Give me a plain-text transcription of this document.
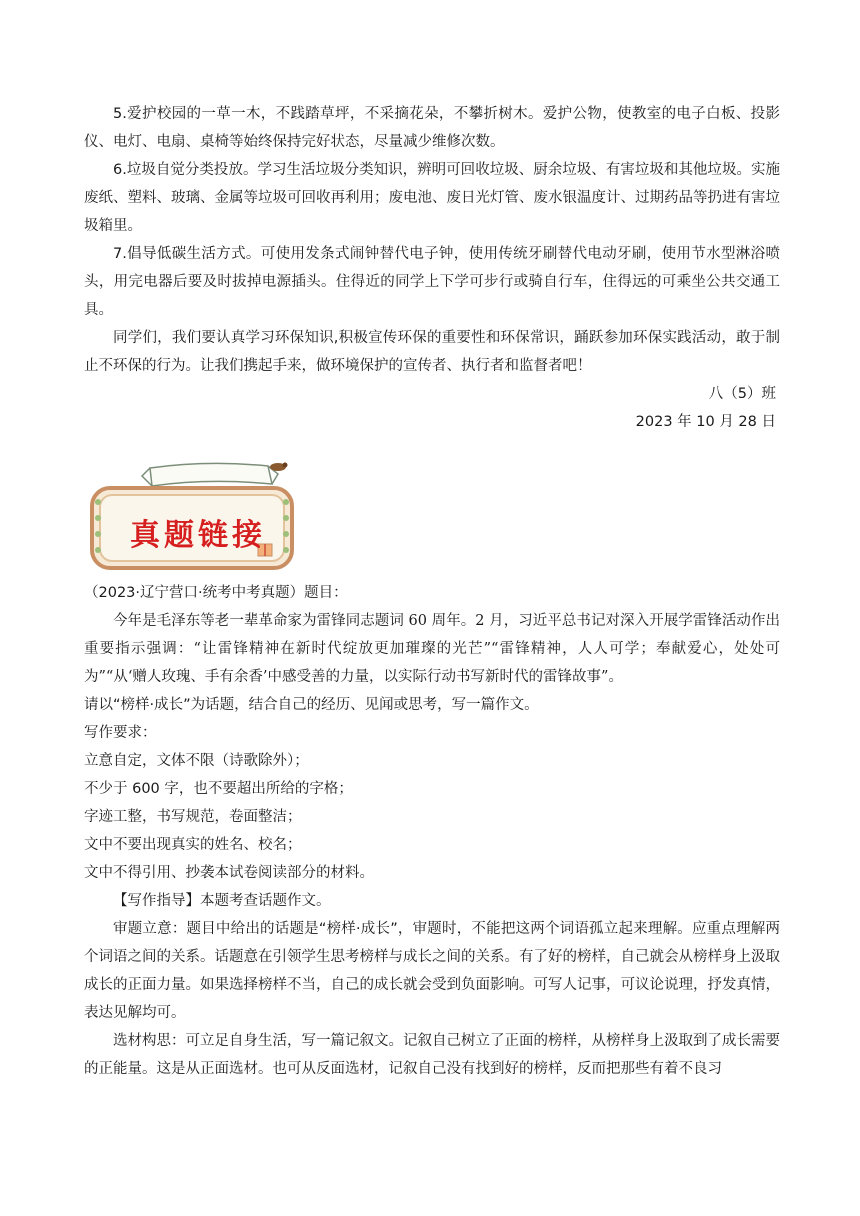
5.爱护校园的一草一木，不践踏草坪，不采摘花朵，不攀折树木。爱护公物，使教室的电子白板、投影仪、电灯、电扇、桌椅等始终保持完好状态，尽量减少维修次数。

6.垃圾自觉分类投放。学习生活垃圾分类知识，辨明可回收垃圾、厨余垃圾、有害垃圾和其他垃圾。实施废纸、塑料、玻璃、金属等垃圾可回收再利用；废电池、废日光灯管、废水银温度计、过期药品等扔进有害垃圾箱里。

7.倡导低碳生活方式。可使用发条式闹钟替代电子钟，使用传统牙刷替代电动牙刷，使用节水型淋浴喷头，用完电器后要及时拔掉电源插头。住得近的同学上下学可步行或骑自行车，住得远的可乘坐公共交通工具。

同学们，我们要认真学习环保知识,积极宣传环保的重要性和环保常识，踊跃参加环保实践活动，敢于制止不环保的行为。让我们携起手来，做环境保护的宣传者、执行者和监督者吧！

八（5）班
2023 年 10 月 28 日
真题链接

（2023·辽宁营口·统考中考真题）题目：

今年是毛泽东等老一辈革命家为雷锋同志题词 60 周年。2 月，习近平总书记对深入开展学雷锋活动作出重要指示强调：“让雷锋精神在新时代绽放更加璀璨的光芒”“雷锋精神，人人可学；奉献爱心，处处可为”“从‘赠人玫瑰、手有余香’中感受善的力量，以实际行动书写新时代的雷锋故事”。

请以“榜样·成长”为话题，结合自己的经历、见闻或思考，写一篇作文。

写作要求：

立意自定，文体不限（诗歌除外）；

不少于 600 字，也不要超出所给的字格；

字迹工整，书写规范，卷面整洁；

文中不要出现真实的姓名、校名；

文中不得引用、抄袭本试卷阅读部分的材料。

【写作指导】本题考查话题作文。

审题立意：题目中给出的话题是“榜样·成长”，审题时，不能把这两个词语孤立起来理解。应重点理解两个词语之间的关系。话题意在引领学生思考榜样与成长之间的关系。有了好的榜样，自己就会从榜样身上汲取成长的正面力量。如果选择榜样不当，自己的成长就会受到负面影响。可写人记事，可议论说理，抒发真情，表达见解均可。

选材构思：可立足自身生活，写一篇记叙文。记叙自己树立了正面的榜样，从榜样身上汲取到了成长需要的正能量。这是从正面选材。也可从反面选材，记叙自己没有找到好的榜样，反而把那些有着不良习
